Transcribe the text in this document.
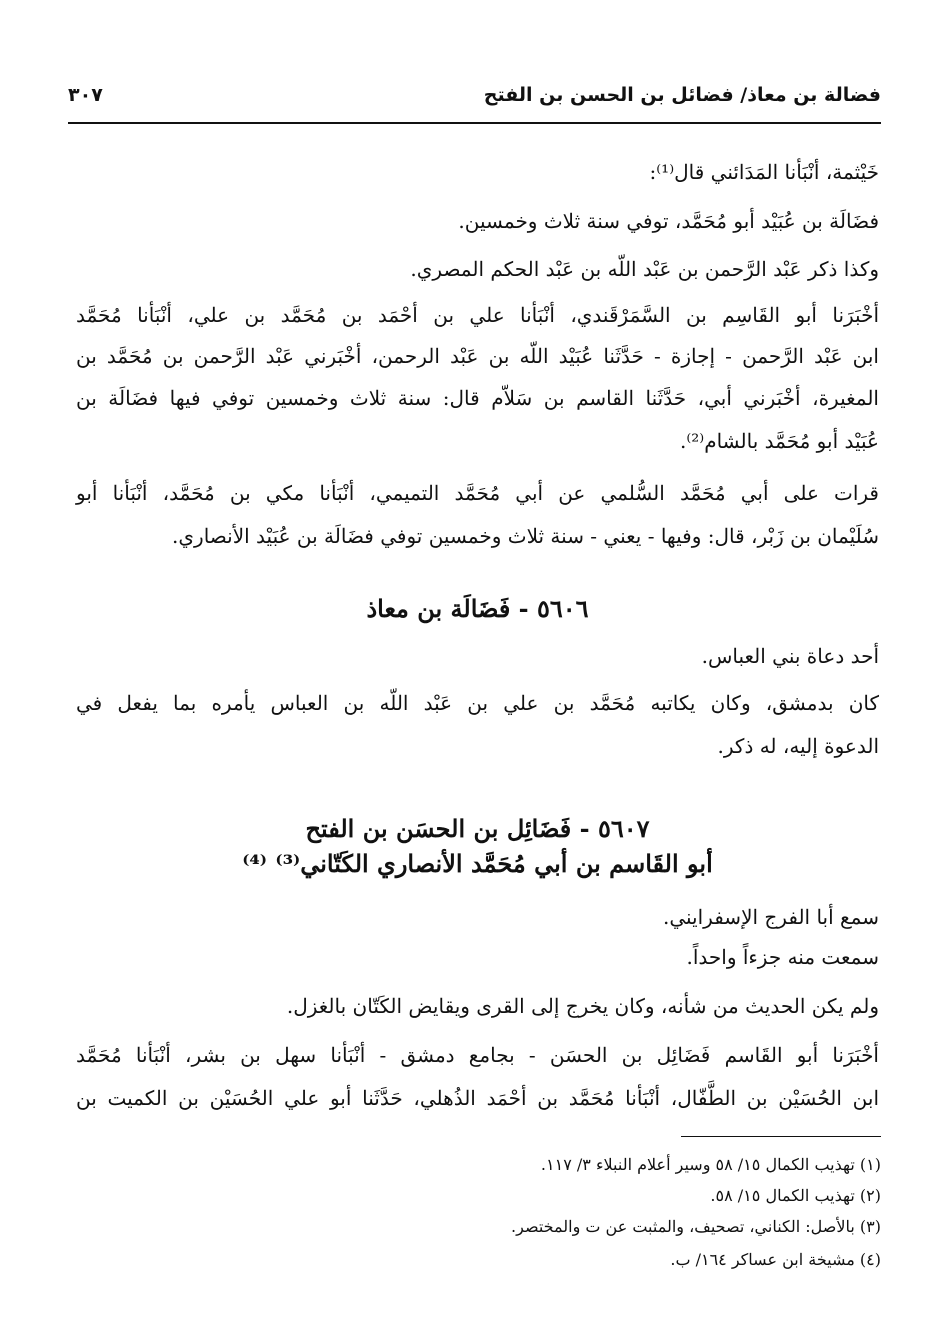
فضالة بن معاذ/ فضائل بن الحسن بن الفتح
٣٠٧
خَيْثمة، أنْبَأنا المَدَائني قال⁽¹⁾:
فضَالَة بن عُبَيْد أبو مُحَمَّد، توفي سنة ثلاث وخمسين.
وكذا ذكر عَبْد الرَّحمن بن عَبْد اللّه بن عَبْد الحكم المصري.
أخْبَرَنا أبو القَاسِم بن السَّمَرْقَندي، أنْبَأنا علي بن أحْمَد بن مُحَمَّد بن علي، أنْبَأنا مُحَمَّد
ابن عَبْد الرَّحمن - إجازة - حَدَّثَنا عُبَيْد اللّه بن عَبْد الرحمن، أخْبَرني عَبْد الرَّحمن بن مُحَمَّد بن
المغيرة، أخْبَرني أبي، حَدَّثَنا القاسم بن سَلاّم قال: سنة ثلاث وخمسين توفي فيها فضَالَة بن
عُبَيْد أبو مُحَمَّد بالشام⁽²⁾.
قرات على أبي مُحَمَّد السُّلمي عن أبي مُحَمَّد التميمي، أنْبَأنا مكي بن مُحَمَّد، أنْبَأنا أبو
سُلَيْمان بن زَبْر، قال: وفيها - يعني - سنة ثلاث وخمسين توفي فضَالَة بن عُبَيْد الأنصاري.
٥٦٠٦ - فَضَالَة بن معاذ
أحد دعاة بني العباس.
كان بدمشق، وكان يكاتبه مُحَمَّد بن علي بن عَبْد اللّه بن العباس يأمره بما يفعل في
الدعوة إليه، له ذكر.
٥٦٠٧ - فَضَائِل بن الحسَن بن الفتح
أبو القَاسم بن أبي مُحَمَّد الأنصاري الكَتّاني⁽³⁾ ⁽⁴⁾
سمع أبا الفرج الإسفرايني.
سمعت منه جزءاً واحداً.
ولم يكن الحديث من شأنه، وكان يخرج إلى القرى ويقايض الكَتّان بالغزل.
أخْبَرَنا أبو القَاسم فَضَائِل بن الحسَن - بجامع دمشق - أنْبَأنا سهل بن بشر، أنْبَأنا مُحَمَّد
ابن الحُسَيْن بن الطَّفّال، أنْبَأنا مُحَمَّد بن أحْمَد الذُهلي، حَدَّثَنا أبو علي الحُسَيْن بن الكميت بن
(١) تهذيب الكمال ١٥/ ٥٨ وسير أعلام النبلاء ٣/ ١١٧.
(٢) تهذيب الكمال ١٥/ ٥٨.
(٣) بالأصل: الكناني، تصحيف، والمثبت عن ت والمختصر.
(٤) مشيخة ابن عساكر ١٦٤/ ب.
